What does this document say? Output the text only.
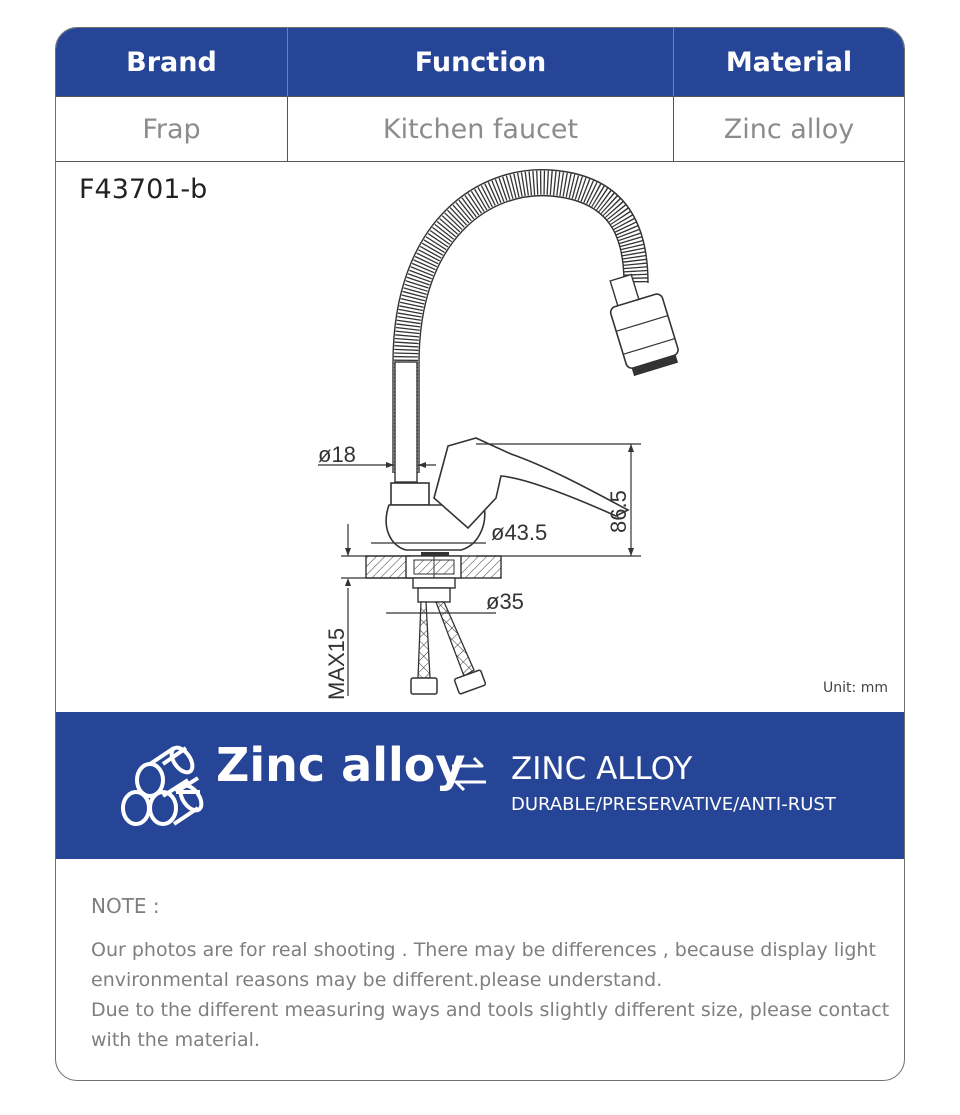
Brand	Function	Material
Frap	Kitchen faucet	Zinc alloy
F43701-b
ø18
ø43.5
ø35
86.5
MAX15	Unit: mm
Zinc alloy ZINC ALLOY
DURABLE/PRESERVATIVE/ANTI-RUST
NOTE :
Our photos are for real shooting . There may be differences , because display light
environmental reasons may be different.please understand.
Due to the different measuring ways and tools slightly different size, please contact
with the material.
